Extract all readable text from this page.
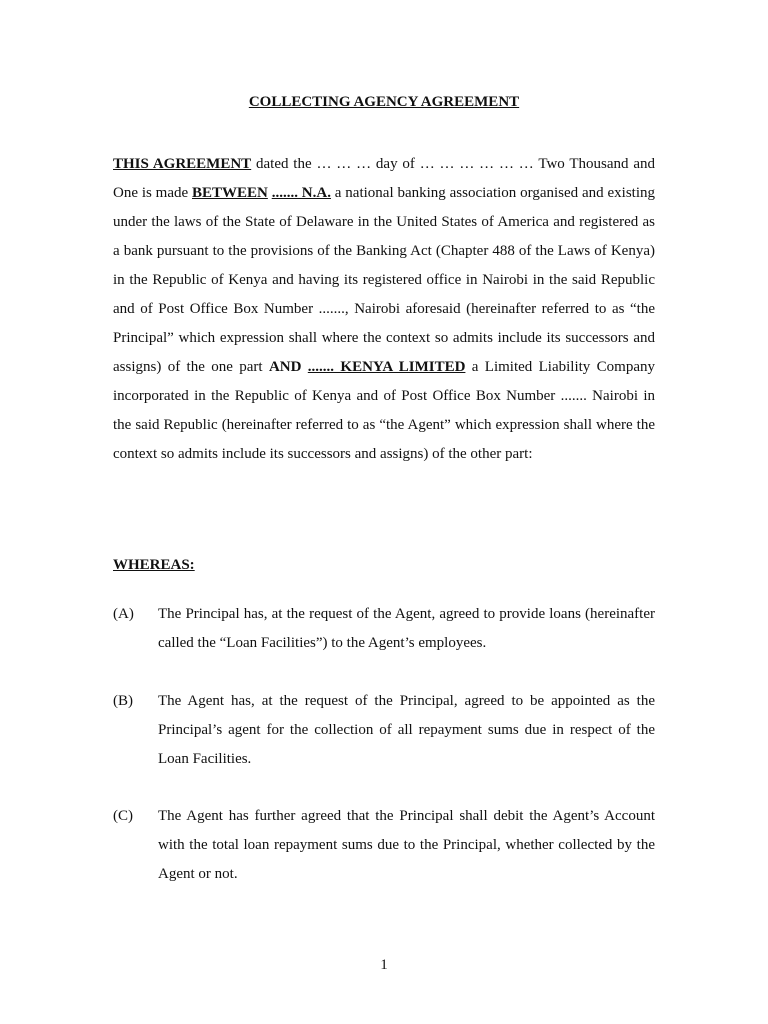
COLLECTING AGENCY AGREEMENT

THIS AGREEMENT dated the … … … day of … … … … … … Two Thousand and One is made BETWEEN ....... N.A. a national banking association organised and existing under the laws of the State of Delaware in the United States of America and registered as a bank pursuant to the provisions of the Banking Act (Chapter 488 of the Laws of Kenya) in the Republic of Kenya and having its registered office in Nairobi in the said Republic and of Post Office Box Number ......., Nairobi aforesaid (hereinafter referred to as “the Principal” which expression shall where the context so admits include its successors and assigns) of the one part AND ....... KENYA LIMITED a Limited Liability Company incorporated in the Republic of Kenya and of Post Office Box Number ....... Nairobi in the said Republic (hereinafter referred to as “the Agent” which expression shall where the context so admits include its successors and assigns) of the other part:

WHEREAS:
(A) The Principal has, at the request of the Agent, agreed to provide loans (hereinafter called the “Loan Facilities”) to the Agent’s employees.
(B) The Agent has, at the request of the Principal, agreed to be appointed as the Principal’s agent for the collection of all repayment sums due in respect of the Loan Facilities.
(C) The Agent has further agreed that the Principal shall debit the Agent’s Account with the total loan repayment sums due to the Principal, whether collected by the Agent or not.
1
